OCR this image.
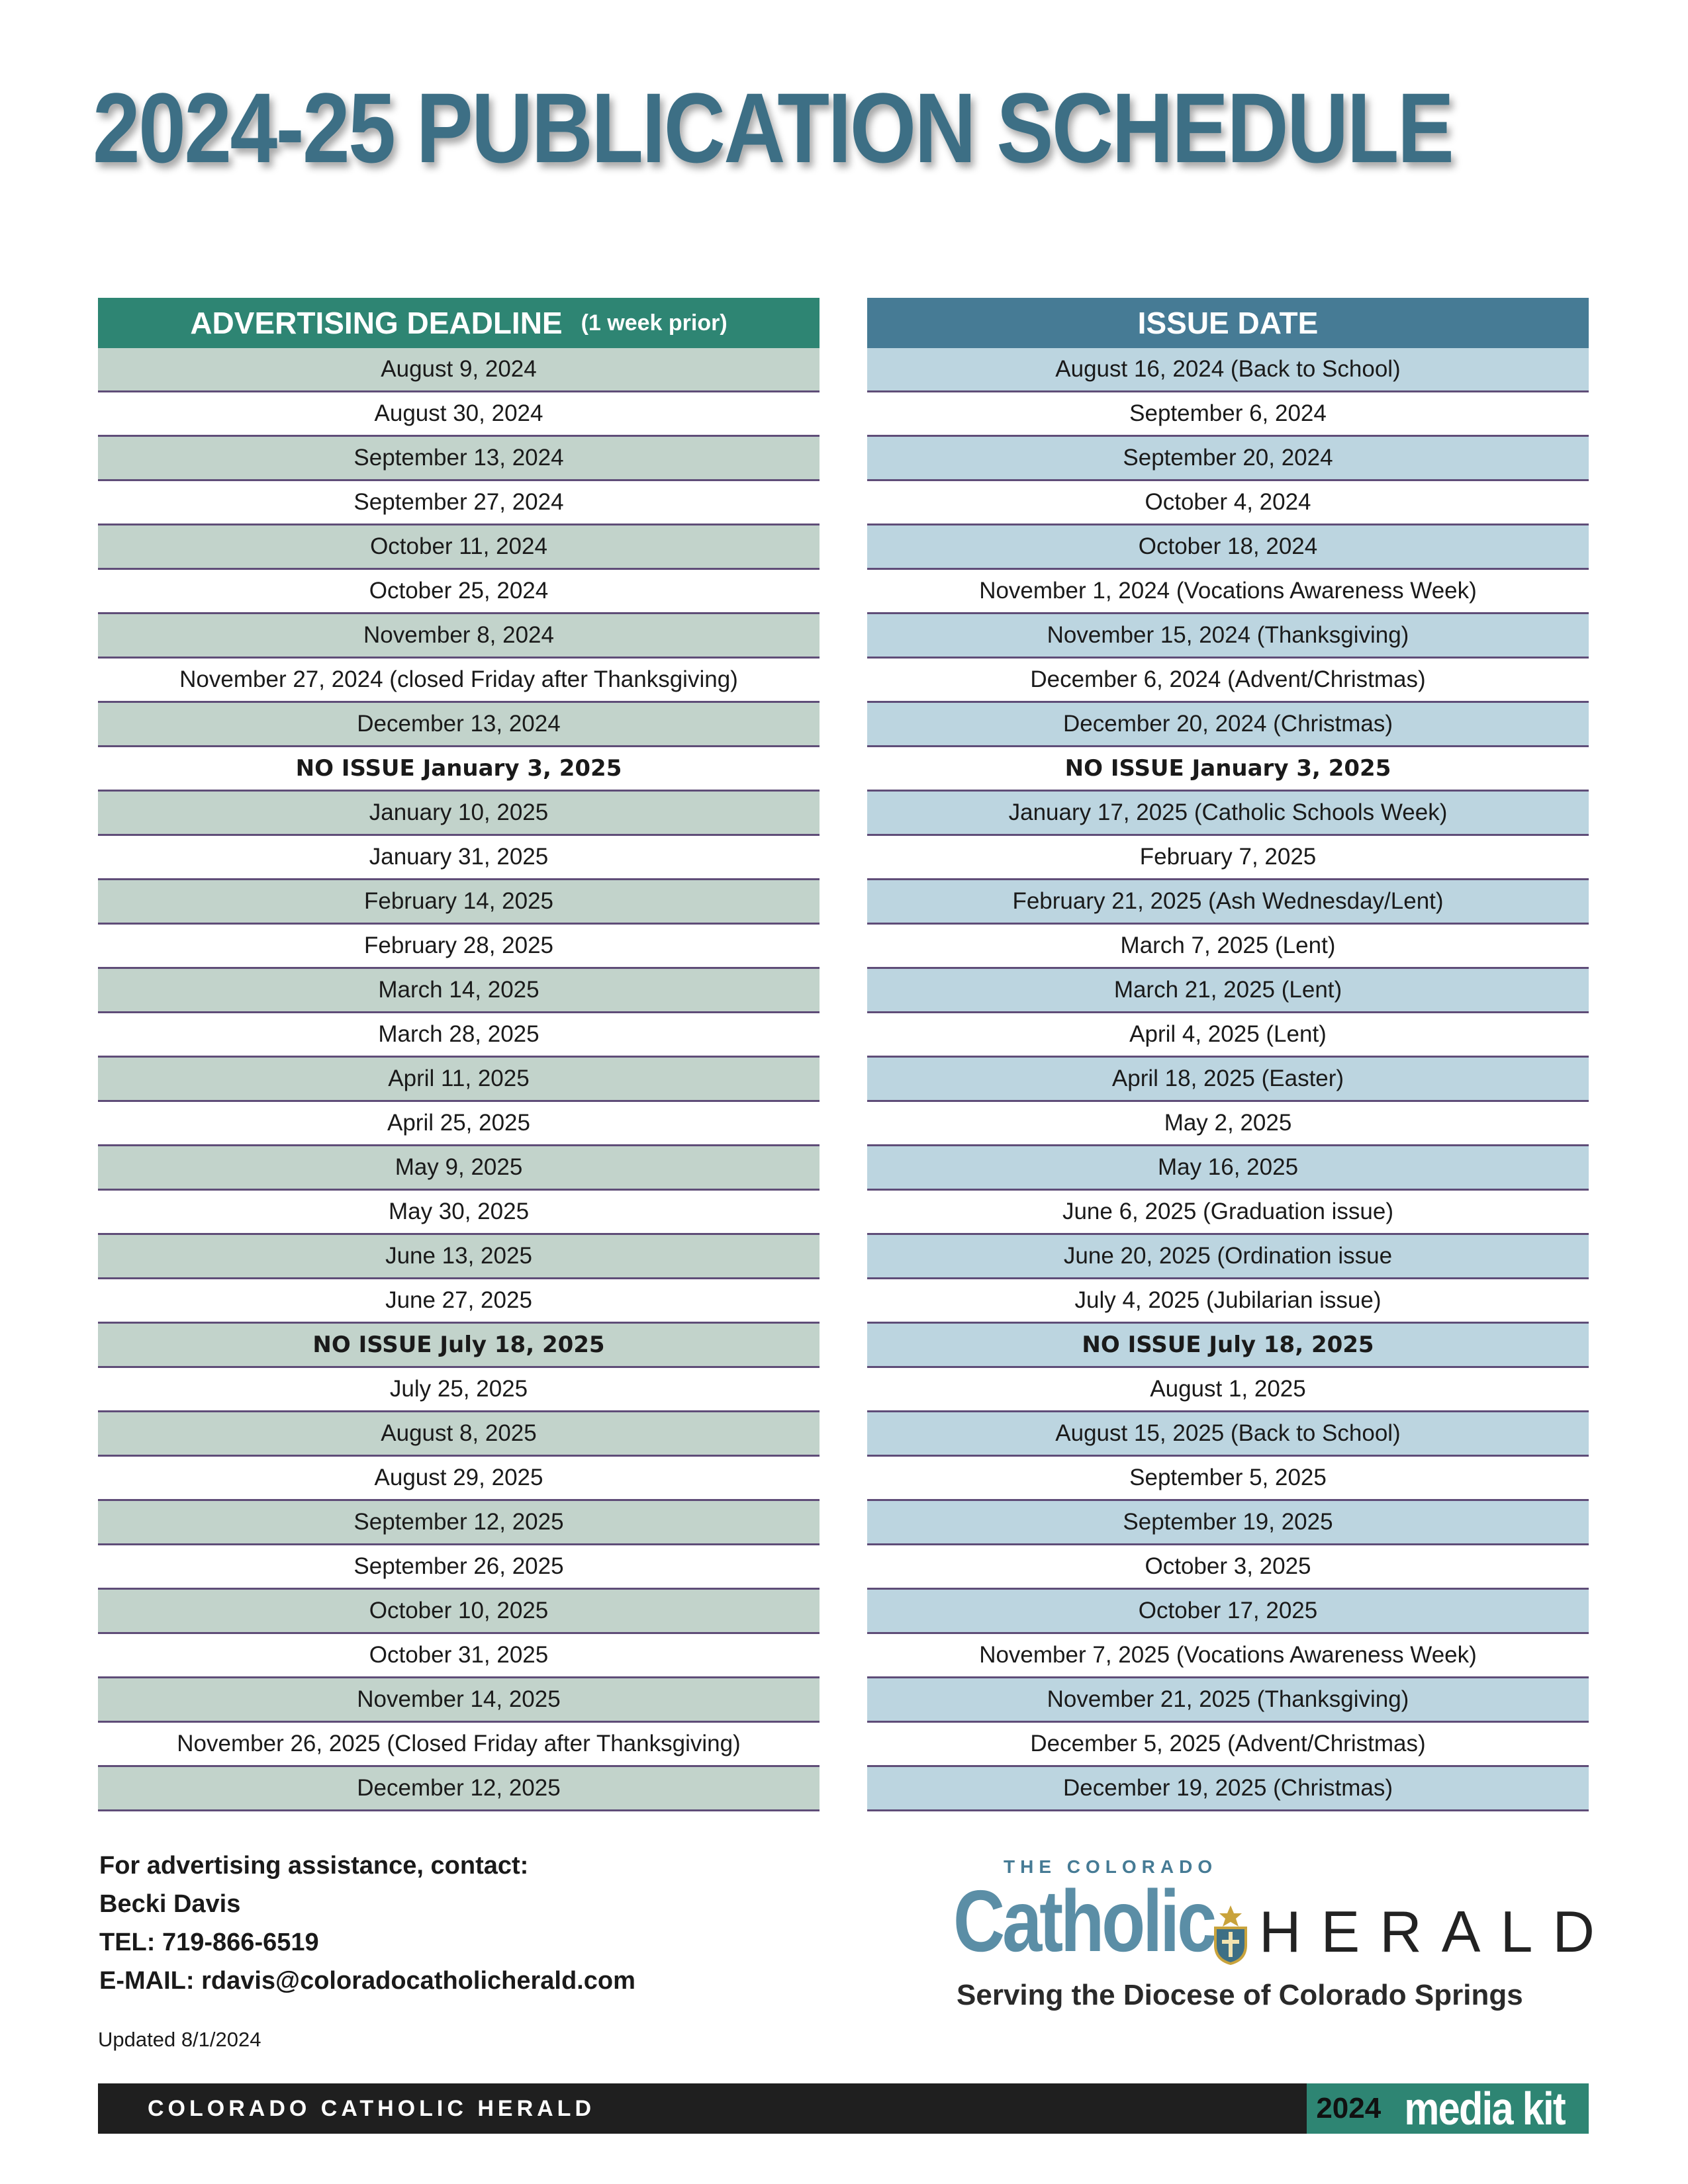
2024-25 PUBLICATION SCHEDULE
ADVERTISING DEADLINE (1 week prior)
August 9, 2024
August 30, 2024
September 13, 2024
September 27, 2024
October 11, 2024
October 25, 2024
November 8, 2024
November 27, 2024 (closed Friday after Thanksgiving)
December 13, 2024
NO ISSUE January 3, 2025
January 10, 2025
January 31, 2025
February 14, 2025
February 28, 2025
March 14, 2025
March 28, 2025
April 11, 2025
April 25, 2025
May 9, 2025
May 30, 2025
June 13, 2025
June 27, 2025
NO ISSUE July 18, 2025
July 25, 2025
August 8, 2025
August 29, 2025
September 12, 2025
September 26, 2025
October 10, 2025
October 31, 2025
November 14, 2025
November 26, 2025 (Closed Friday after Thanksgiving)
December 12, 2025
ISSUE DATE
August 16, 2024 (Back to School)
September 6, 2024
September 20, 2024
October 4, 2024
October 18, 2024
November 1, 2024 (Vocations Awareness Week)
November 15, 2024 (Thanksgiving)
December 6, 2024 (Advent/Christmas)
December 20, 2024 (Christmas)
NO ISSUE January 3, 2025
January 17, 2025 (Catholic Schools Week)
February 7, 2025
February 21, 2025 (Ash Wednesday/Lent)
March 7, 2025 (Lent)
March 21, 2025 (Lent)
April 4, 2025 (Lent)
April 18, 2025 (Easter)
May 2, 2025
May 16, 2025
June 6, 2025 (Graduation issue)
June 20, 2025 (Ordination issue
July 4, 2025 (Jubilarian issue)
NO ISSUE July 18, 2025
August 1, 2025
August 15, 2025 (Back to School)
September 5, 2025
September 19, 2025
October 3, 2025
October 17, 2025
November 7, 2025 (Vocations Awareness Week)
November 21, 2025 (Thanksgiving)
December 5, 2025 (Advent/Christmas)
December 19, 2025 (Christmas)
For advertising assistance, contact:
Becki Davis
TEL: 719-866-6519
E-MAIL: rdavis@coloradocatholicherald.com
Updated 8/1/2024
THE COLORADO
Catholic HERALD
Serving the Diocese of Colorado Springs
COLORADO CATHOLIC HERALD	2024 media kit
